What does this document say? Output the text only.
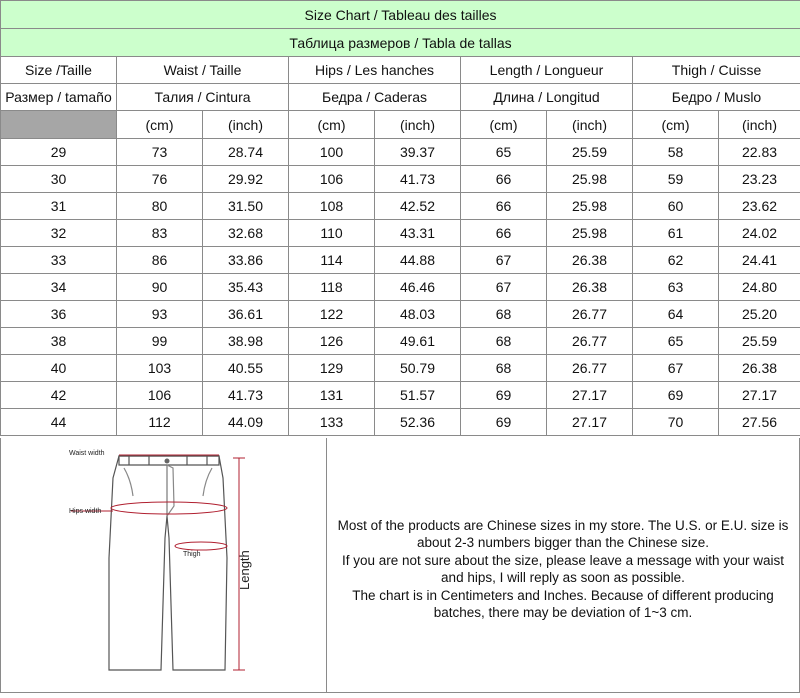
Size Chart / Tableau des tailles								
Таблица размеров / Tabla de tallas								
Size /Taille	Waist / Taille		Hips / Les hanches		Length / Longueur		Thigh / Cuisse	
Размер / tamaño	Талия / Cintura		Бедра / Caderas		Длина / Longitud		Бедро / Muslo	
	(cm)	(inch)	(cm)	(inch)	(cm)	(inch)	(cm)	(inch)
29	73	28.74	100	39.37	65	25.59	58	22.83
30	76	29.92	106	41.73	66	25.98	59	23.23
31	80	31.50	108	42.52	66	25.98	60	23.62
32	83	32.68	110	43.31	66	25.98	61	24.02
33	86	33.86	114	44.88	67	26.38	62	24.41
34	90	35.43	118	46.46	67	26.38	63	24.80
36	93	36.61	122	48.03	68	26.77	64	25.20
38	99	38.98	126	49.61	68	26.77	65	25.59
40	103	40.55	129	50.79	68	26.77	67	26.38
42	106	41.73	131	51.57	69	27.17	69	27.17
44	112	44.09	133	52.36	69	27.17	70	27.56
Waist width
Hips width
Thigh	Length
Most of the products are Chinese sizes in my store. The U.S. or E.U. size is about 2-3 numbers bigger than the Chinese size.
If you are not sure about the size, please leave a message with your waist and hips, I will reply as soon as possible.
The chart is in Centimeters and Inches. Because of different producing batches, there may be deviation of 1~3 cm.
